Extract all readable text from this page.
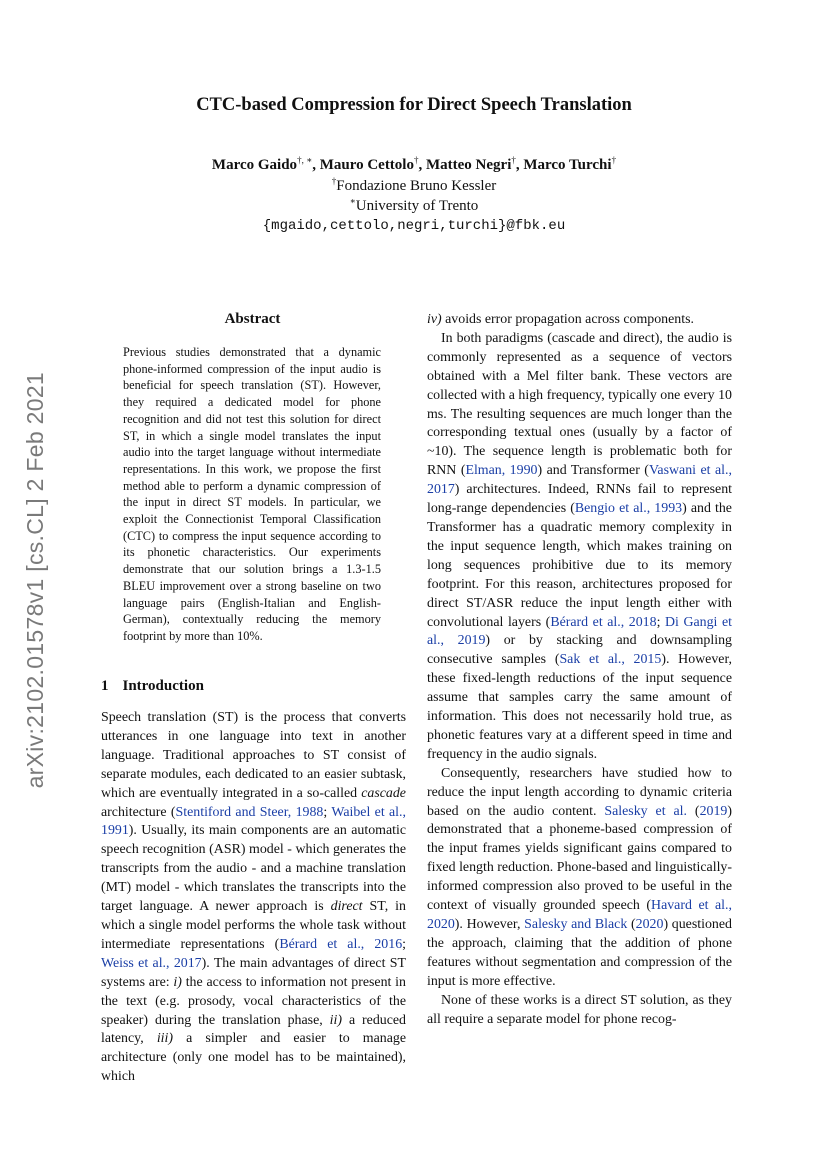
CTC-based Compression for Direct Speech Translation
Marco Gaido†, ∗, Mauro Cettolo†, Matteo Negri†, Marco Turchi†
†Fondazione Bruno Kessler
∗University of Trento
{mgaido,cettolo,negri,turchi}@fbk.eu
arXiv:2102.01578v1 [cs.CL] 2 Feb 2021
Abstract
Previous studies demonstrated that a dynamic phone-informed compression of the input audio is beneficial for speech translation (ST). However, they required a dedicated model for phone recognition and did not test this solution for direct ST, in which a single model translates the input audio into the target language without intermediate representations. In this work, we propose the first method able to perform a dynamic compression of the input in direct ST models. In particular, we exploit the Connectionist Temporal Classification (CTC) to compress the input sequence according to its phonetic characteristics. Our experiments demonstrate that our solution brings a 1.3-1.5 BLEU improvement over a strong baseline on two language pairs (English-Italian and English-German), contextually reducing the memory footprint by more than 10%.
1 Introduction

Speech translation (ST) is the process that converts utterances in one language into text in another language. Traditional approaches to ST consist of separate modules, each dedicated to an easier subtask, which are eventually integrated in a so-called cascade architecture (Stentiford and Steer, 1988; Waibel et al., 1991). Usually, its main components are an automatic speech recognition (ASR) model - which generates the transcripts from the audio - and a machine translation (MT) model - which translates the transcripts into the target language. A newer approach is direct ST, in which a single model performs the whole task without intermediate representations (Bérard et al., 2016; Weiss et al., 2017). The main advantages of direct ST systems are: i) the access to information not present in the text (e.g. prosody, vocal characteristics of the speaker) during the translation phase, ii) a reduced latency, iii) a simpler and easier to manage architecture (only one model has to be maintained), which

iv) avoids error propagation across components.

In both paradigms (cascade and direct), the audio is commonly represented as a sequence of vectors obtained with a Mel filter bank. These vectors are collected with a high frequency, typically one every 10 ms. The resulting sequences are much longer than the corresponding textual ones (usually by a factor of ~10). The sequence length is problematic both for RNN (Elman, 1990) and Transformer (Vaswani et al., 2017) architectures. Indeed, RNNs fail to represent long-range dependencies (Bengio et al., 1993) and the Transformer has a quadratic memory complexity in the input sequence length, which makes training on long sequences prohibitive due to its memory footprint. For this reason, architectures proposed for direct ST/ASR reduce the input length either with convolutional layers (Bérard et al., 2018; Di Gangi et al., 2019) or by stacking and downsampling consecutive samples (Sak et al., 2015). However, these fixed-length reductions of the input sequence assume that samples carry the same amount of information. This does not necessarily hold true, as phonetic features vary at a different speed in time and frequency in the audio signals.

Consequently, researchers have studied how to reduce the input length according to dynamic criteria based on the audio content. Salesky et al. (2019) demonstrated that a phoneme-based compression of the input frames yields significant gains compared to fixed length reduction. Phone-based and linguistically-informed compression also proved to be useful in the context of visually grounded speech (Havard et al., 2020). However, Salesky and Black (2020) questioned the approach, claiming that the addition of phone features without segmentation and compression of the input is more effective.

None of these works is a direct ST solution, as they all require a separate model for phone recog-
